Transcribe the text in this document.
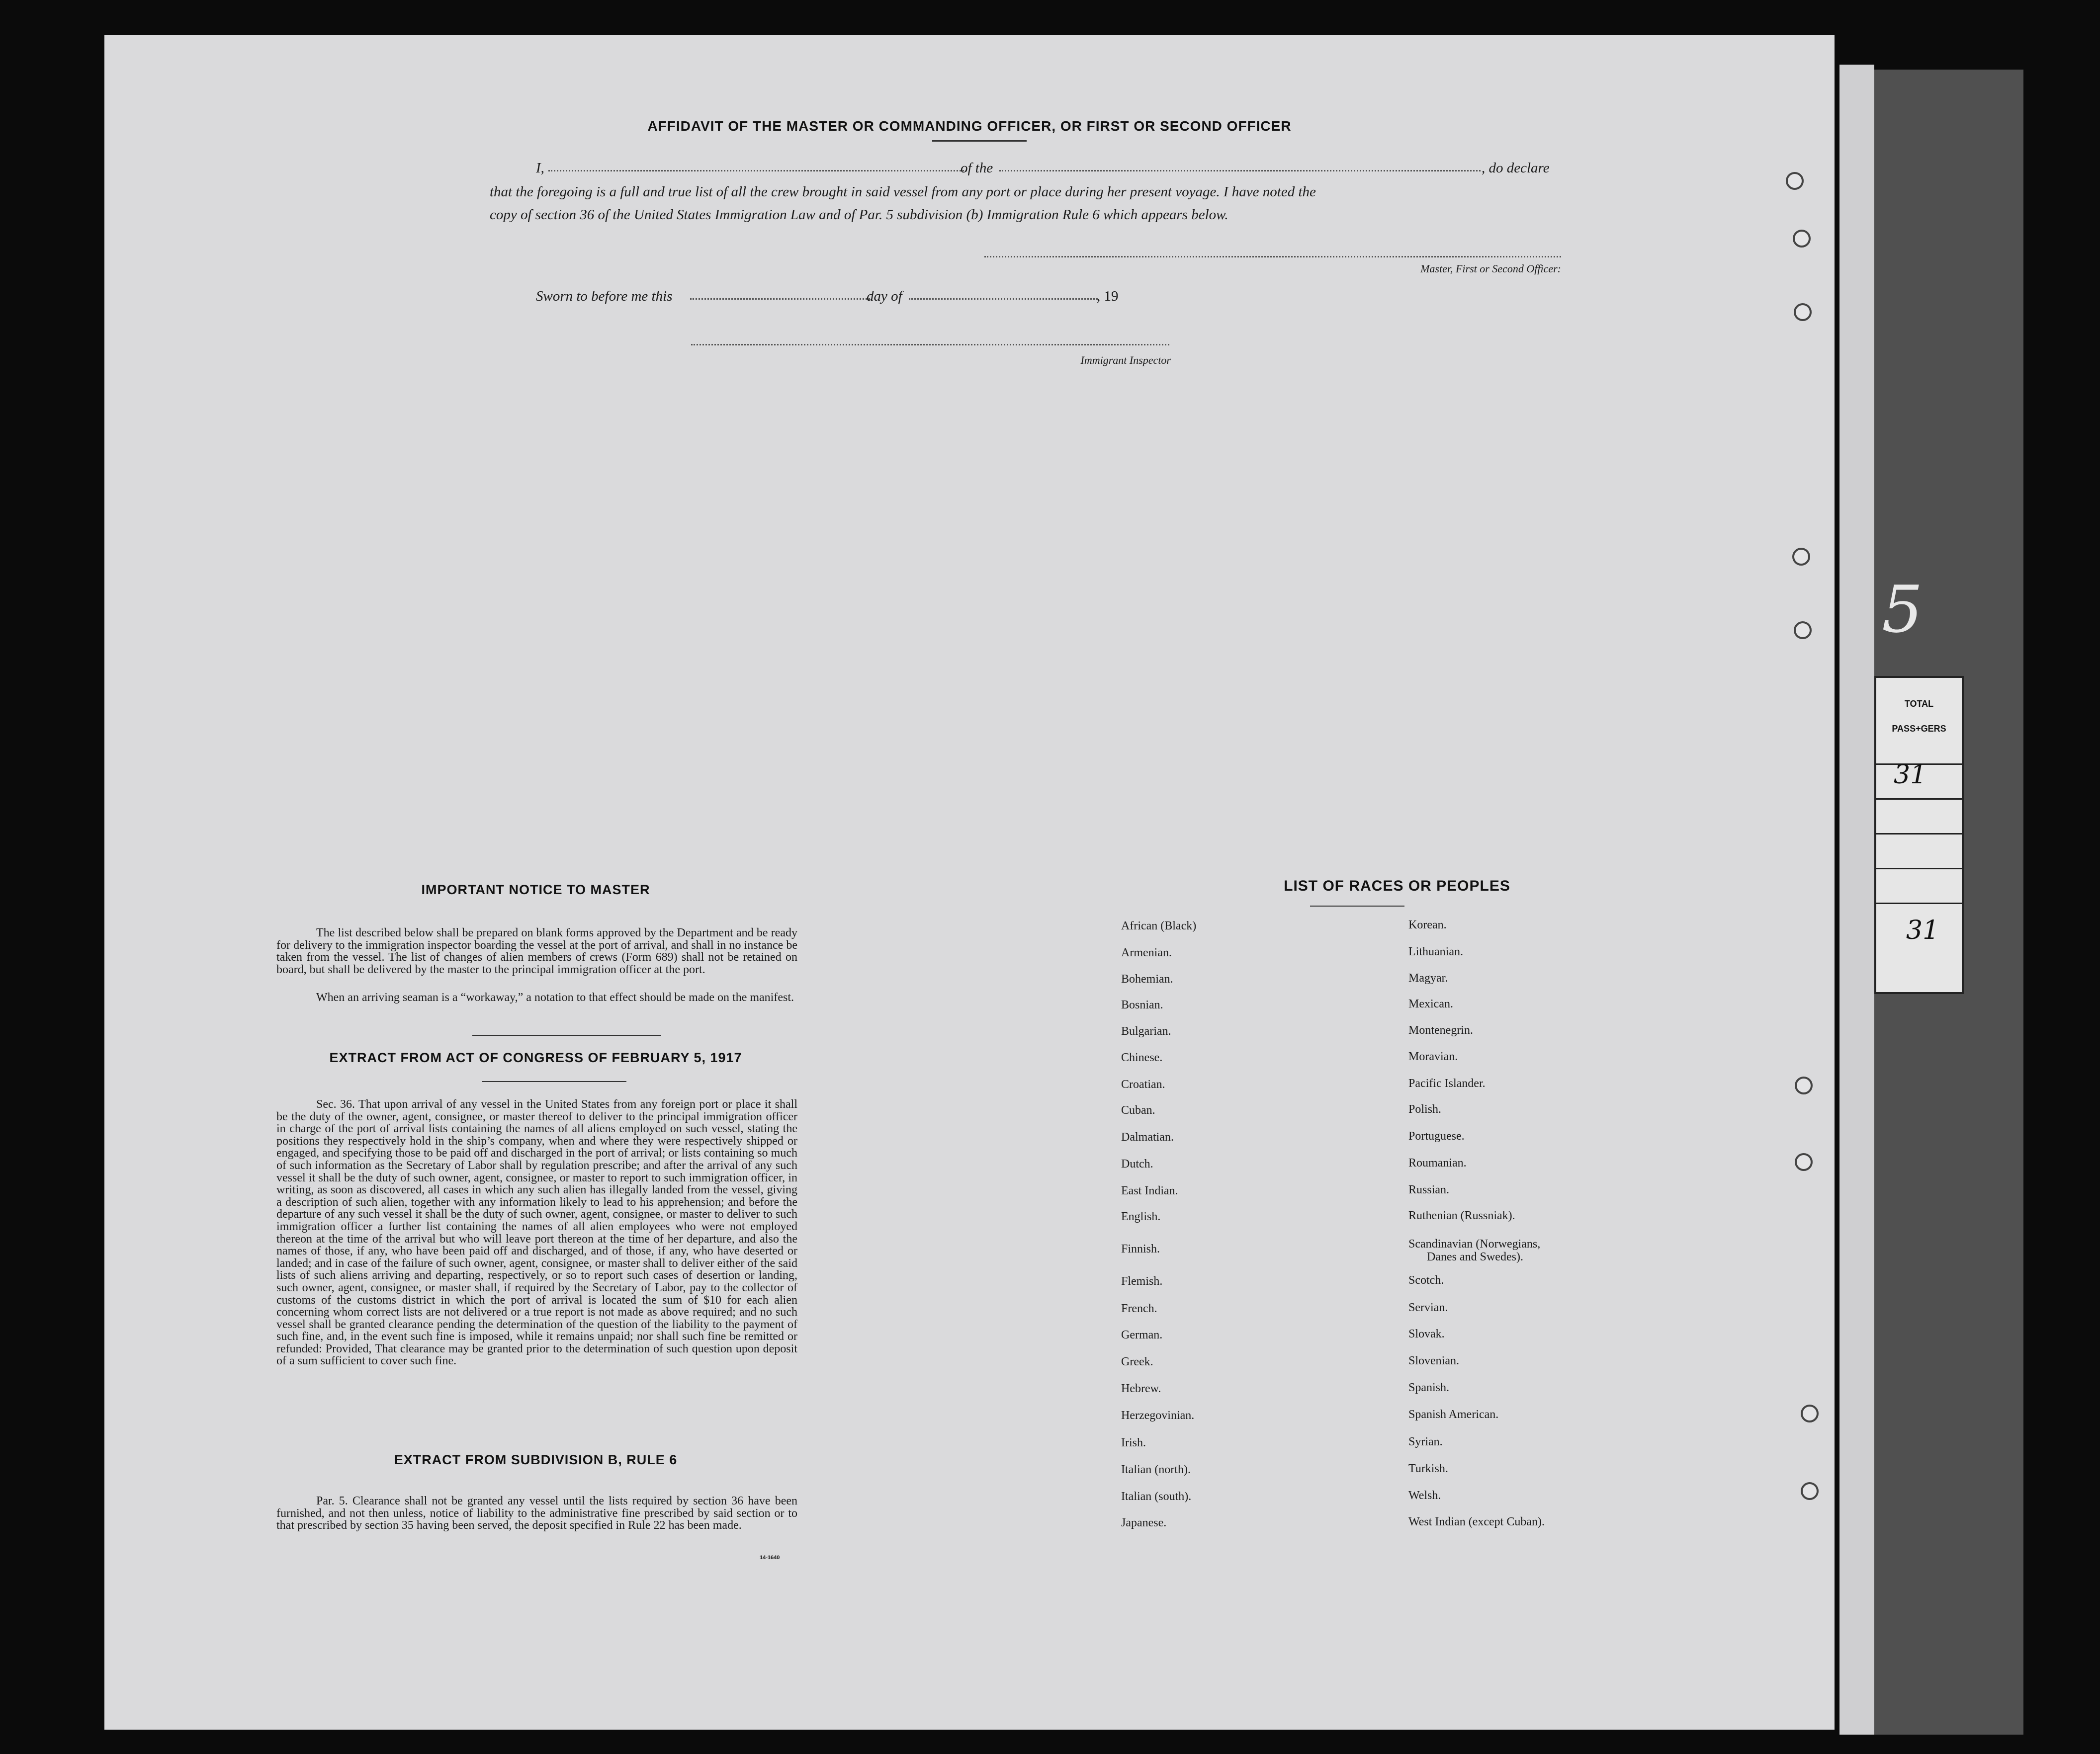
AFFIDAVIT OF THE MASTER OR COMMANDING OFFICER, OR FIRST OR SECOND OFFICER
I,	of the	, do declare
that the foregoing is a full and true list of all the crew brought in said vessel from any port or place during her present voyage. I have noted the
copy of section 36 of the United States Immigration Law and of Par. 5 subdivision (b) Immigration Rule 6 which appears below.
Master, First or Second Officer:
Sworn to before me this	day of	, 19
Immigrant Inspector
IMPORTANT NOTICE TO MASTER
The list described below shall be prepared on blank forms approved by the Department and be ready for delivery to the immigration inspector boarding the vessel at the port of arrival, and shall in no instance be taken from the vessel. The list of changes of alien members of crews (Form 689) shall not be retained on board, but shall be delivered by the master to the principal immigration officer at the port.
When an arriving seaman is a “workaway,” a notation to that effect should be made on the manifest.
EXTRACT FROM ACT OF CONGRESS OF FEBRUARY 5, 1917
Sec. 36. That upon arrival of any vessel in the United States from any foreign port or place it shall be the duty of the owner, agent, consignee, or master thereof to deliver to the principal immigration officer in charge of the port of arrival lists containing the names of all aliens employed on such vessel, stating the positions they respectively hold in the ship’s company, when and where they were respectively shipped or engaged, and specifying those to be paid off and discharged in the port of arrival; or lists containing so much of such information as the Secretary of Labor shall by regulation prescribe; and after the arrival of any such vessel it shall be the duty of such owner, agent, consignee, or master to report to such immigration officer, in writing, as soon as discovered, all cases in which any such alien has illegally landed from the vessel, giving a description of such alien, together with any information likely to lead to his apprehension; and before the departure of any such vessel it shall be the duty of such owner, agent, consignee, or master to deliver to such immigration officer a further list containing the names of all alien employees who were not employed thereon at the time of the arrival but who will leave port thereon at the time of her departure, and also the names of those, if any, who have been paid off and discharged, and of those, if any, who have deserted or landed; and in case of the failure of such owner, agent, consignee, or master shall to deliver either of the said lists of such aliens arriving and departing, respectively, or so to report such cases of desertion or landing, such owner, agent, consignee, or master shall, if required by the Secretary of Labor, pay to the collector of customs of the customs district in which the port of arrival is located the sum of $10 for each alien concerning whom correct lists are not delivered or a true report is not made as above required; and no such vessel shall be granted clearance pending the determination of the question of the liability to the payment of such fine, and, in the event such fine is imposed, while it remains unpaid; nor shall such fine be remitted or refunded: Provided, That clearance may be granted prior to the determination of such question upon deposit of a sum sufficient to cover such fine.
EXTRACT FROM SUBDIVISION B, RULE 6
Par. 5. Clearance shall not be granted any vessel until the lists required by section 36 have been furnished, and not then unless, notice of liability to the administrative fine prescribed by said section or to that prescribed by section 35 having been served, the deposit specified in Rule 22 has been made.
14-1640
LIST OF RACES OR PEOPLES
African (Black)
Armenian.
Bohemian.
Bosnian.
Bulgarian.
Chinese.
Croatian.
Cuban.
Dalmatian.
Dutch.
East Indian.
English.
Finnish.
Flemish.
French.
German.
Greek.
Hebrew.
Herzegovinian.
Irish.
Italian (north).
Italian (south).
Japanese.
Korean.
Lithuanian.
Magyar.
Mexican.
Montenegrin.
Moravian.
Pacific Islander.
Polish.
Portuguese.
Roumanian.
Russian.
Ruthenian (Russniak).
Scandinavian (Norwegians,
Danes and Swedes).
Scotch.
Servian.
Slovak.
Slovenian.
Spanish.
Spanish American.
Syrian.
Turkish.
Welsh.
West Indian (except Cuban).
5
TOTAL
PASS+GERS
31
31
